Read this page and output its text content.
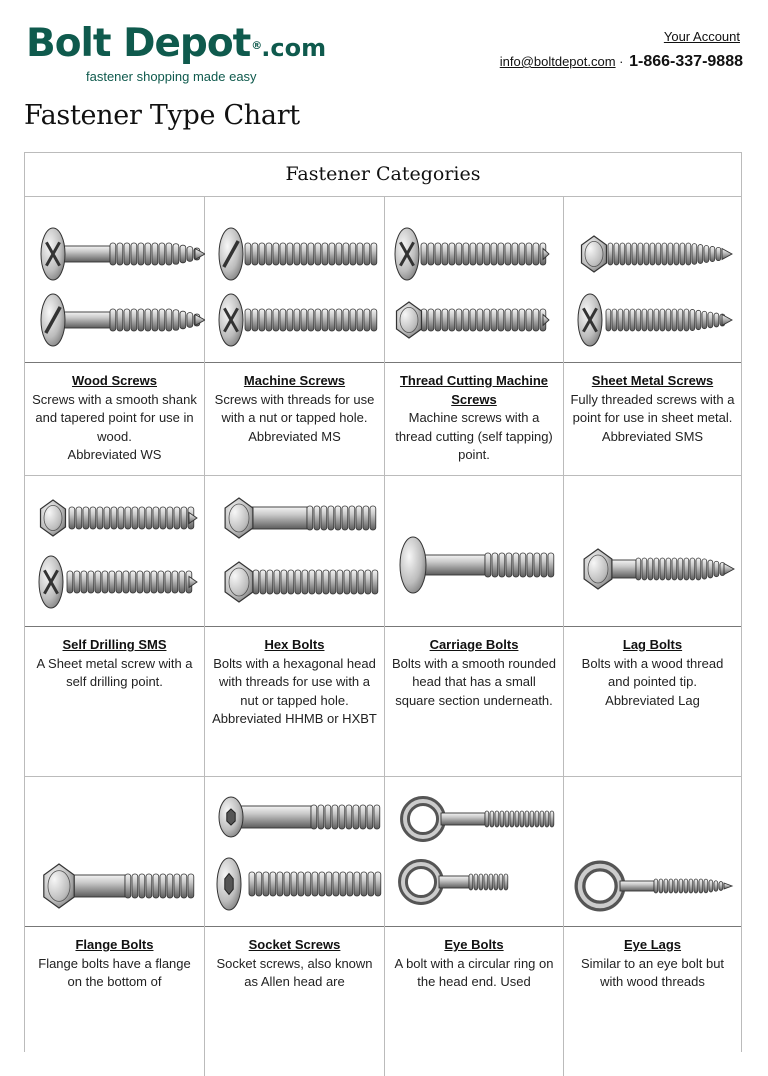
Bolt Depot®.com
fastener shopping made easy
Your Account
info@boltdepot.com · 1-866-337-9888
Fastener Type Chart
Fastener Categories
Wood Screws
Screws with a smooth shank and tapered point for use in wood.
Abbreviated WS
Machine Screws
Screws with threads for use with a nut or tapped hole.
Abbreviated MS
Thread Cutting Machine Screws
Machine screws with a thread cutting (self tapping) point.
Sheet Metal Screws
Fully threaded screws with a point for use in sheet metal.
Abbreviated SMS
Self Drilling SMS
A Sheet metal screw with a self drilling point.
Hex Bolts
Bolts with a hexagonal head with threads for use with a nut or tapped hole.
Abbreviated HHMB or HXBT
Carriage Bolts
Bolts with a smooth rounded head that has a small square section underneath.
Lag Bolts
Bolts with a wood thread and pointed tip.
Abbreviated Lag
Flange Bolts
Flange bolts have a flange on the bottom of
Socket Screws
Socket screws, also known as Allen head are
Eye Bolts
A bolt with a circular ring on the head end. Used
Eye Lags
Similar to an eye bolt but with wood threads
